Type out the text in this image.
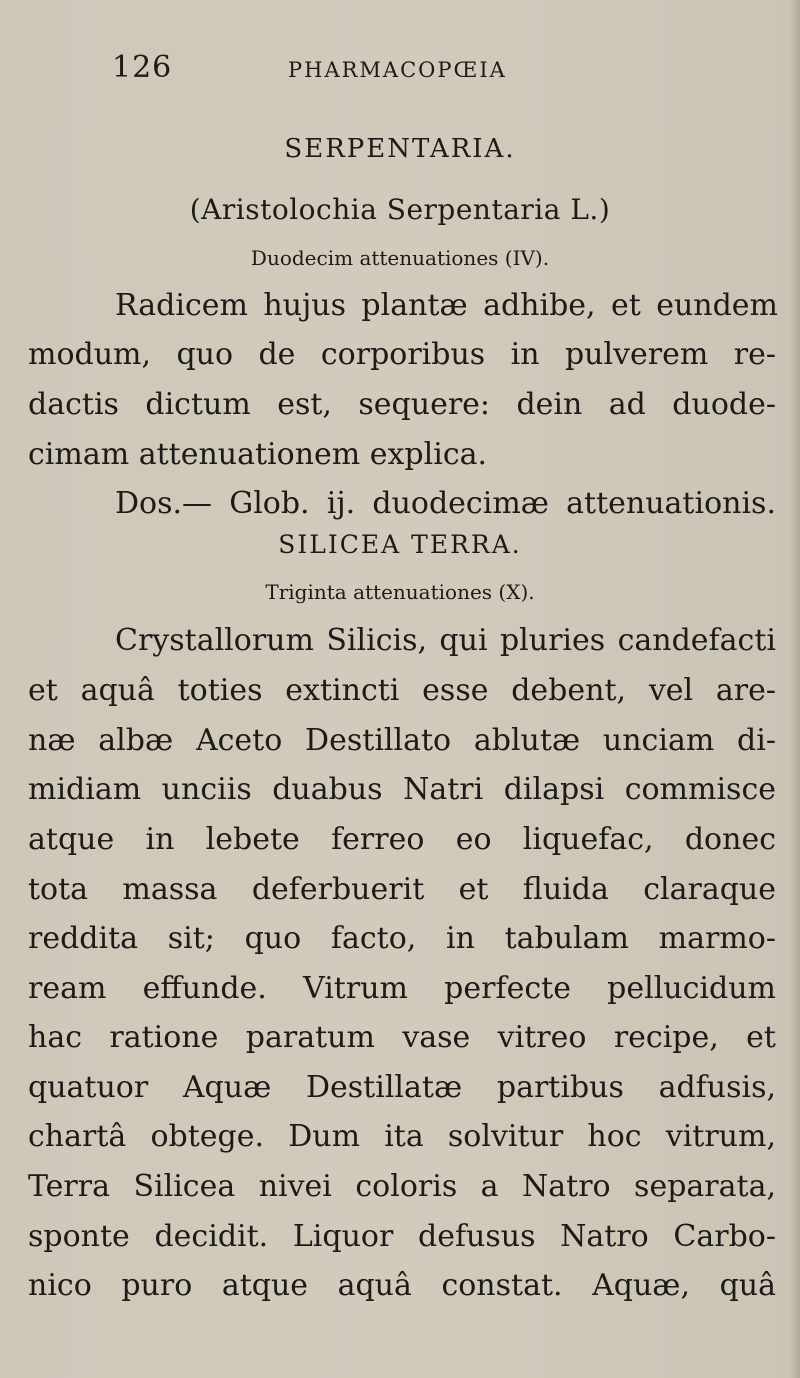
126	PHARMACOPŒIA
SERPENTARIA.
(Aristolochia Serpentaria L.)
Duodecim attenuationes (IV).
Radicem hujus plantæ adhibe, et eundem
modum, quo de corporibus in pulverem re-
dactis dictum est, sequere: dein ad duode-
cimam attenuationem explica.
Dos.— Glob. ij. duodecimæ attenuationis.
SILICEA TERRA.
Triginta attenuationes (X).
Crystallorum Silicis, qui pluries candefacti
et aquâ toties extincti esse debent, vel are-
næ albæ Aceto Destillato ablutæ unciam di-
midiam unciis duabus Natri dilapsi commisce
atque in lebete ferreo eo liquefac, donec
tota massa deferbuerit et fluida claraque
reddita sit; quo facto, in tabulam marmo-
ream effunde. Vitrum perfecte pellucidum
hac ratione paratum vase vitreo recipe, et
quatuor Aquæ Destillatæ partibus adfusis,
chartâ obtege. Dum ita solvitur hoc vitrum,
Terra Silicea nivei coloris a Natro separata,
sponte decidit. Liquor defusus Natro Carbo-
nico puro atque aquâ constat. Aquæ, quâ
